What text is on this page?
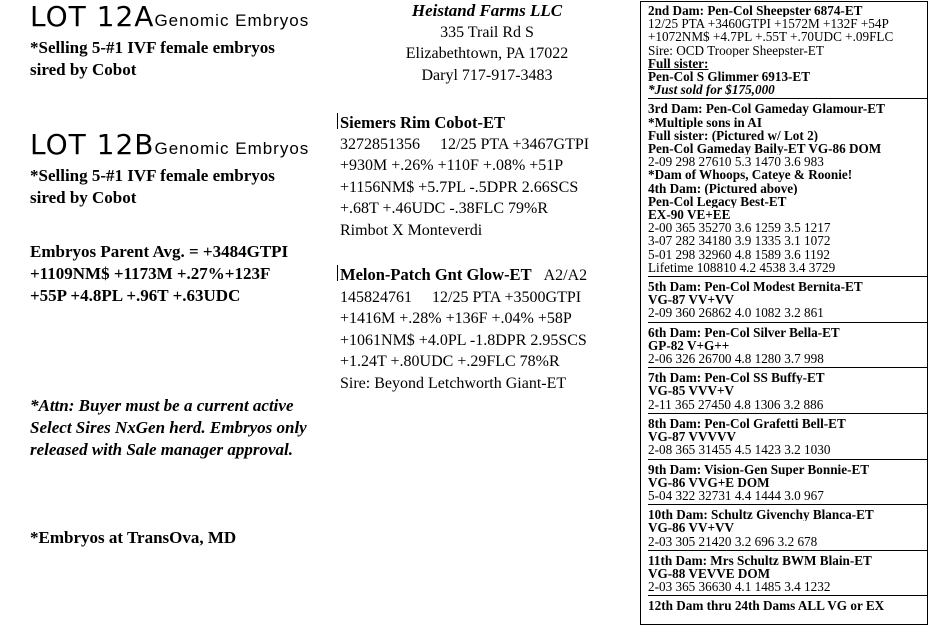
LOT 12AGenomic Embryos
*Selling 5-#1 IVF female embryos
sired by Cobot
LOT 12BGenomic Embryos
*Selling 5-#1 IVF female embryos
sired by Cobot
Embryos Parent Avg. = +3484GTPI
+1109NM$ +1173M +.27%+123F
+55P +4.8PL +.96T +.63UDC
*Attn: Buyer must be a current active
Select Sires NxGen herd. Embryos only
released with Sale manager approval.
*Embryos at TransOva, MD
Heistand Farms LLC
335 Trail Rd S
Elizabethtown, PA 17022
Daryl 717-917-3483
Siemers Rim Cobot-ET
3272851356     12/25 PTA +3467GTPI
+930M +.26% +110F +.08% +51P
+1156NM$ +5.7PL -.5DPR 2.66SCS
+.68T +.46UDC -.38FLC 79%R
Rimbot X Monteverdi
Melon-Patch Gnt Glow-ET A2/A2
145824761     12/25 PTA +3500GTPI
+1416M +.28% +136F +.04% +58P
+1061NM$ +4.0PL -1.8DPR 2.95SCS
+1.24T +.80UDC +.29FLC 78%R
Sire: Beyond Letchworth Giant-ET
2nd Dam: Pen-Col Sheepster 6874-ET
12/25 PTA +3460GTPI +1572M +132F +54P
+1072NM$ +4.7PL +.55T +.70UDC +.09FLC
Sire: OCD Trooper Sheepster-ET
Full sister:
Pen-Col S Glimmer 6913-ET
*Just sold for $175,000
3rd Dam: Pen-Col Gameday Glamour-ET
*Multiple sons in AI
Full sister: (Pictured w/ Lot 2)
Pen-Col Gameday Baily-ET VG-86 DOM
2-09 298 27610 5.3 1470 3.6 983
*Dam of Whoops, Cateye & Roonie!
4th Dam: (Pictured above)
Pen-Col Legacy Best-ET
EX-90 VE+EE
2-00 365 35270 3.6 1259 3.5 1217
3-07 282 34180 3.9 1335 3.1 1072
5-01 298 32960 4.8 1589 3.6 1192
Lifetime 108810 4.2 4538 3.4 3729
5th Dam: Pen-Col Modest Bernita-ET
VG-87 VV+VV
2-09 360 26862 4.0 1082 3.2 861
6th Dam: Pen-Col Silver Bella-ET
GP-82 V+G++
2-06 326 26700 4.8 1280 3.7 998
7th Dam: Pen-Col SS Buffy-ET
VG-85 VVV+V
2-11 365 27450 4.8 1306 3.2 886
8th Dam: Pen-Col Grafetti Bell-ET
VG-87 VVVVV
2-08 365 31455 4.5 1423 3.2 1030
9th Dam: Vision-Gen Super Bonnie-ET
VG-86 VVG+E DOM
5-04 322 32731 4.4 1444 3.0 967
10th Dam: Schultz Givenchy Blanca-ET
VG-86 VV+VV
2-03 305 21420 3.2 696 3.2 678
11th Dam: Mrs Schultz BWM Blain-ET
VG-88 VEVVE DOM
2-03 365 36630 4.1 1485 3.4 1232
12th Dam thru 24th Dams ALL VG or EX
